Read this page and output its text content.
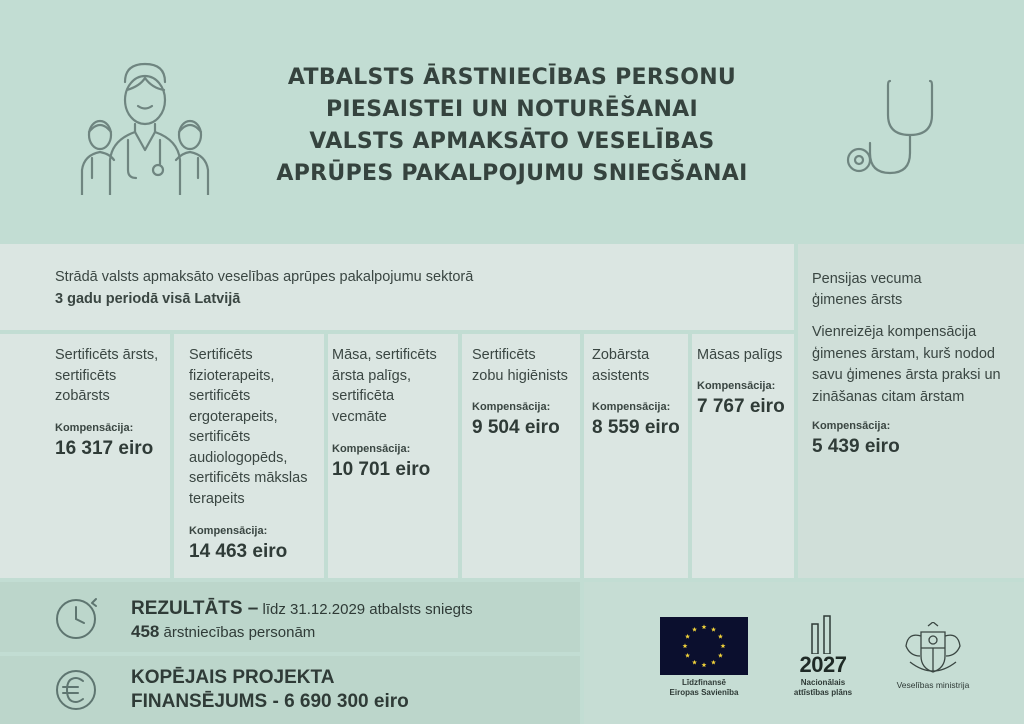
ATBALSTS ĀRSTNIECĪBAS PERSONU
PIESAISTEI UN NOTURĒŠANAI
VALSTS APMAKSĀTO VESELĪBAS
APRŪPES PAKALPOJUMU SNIEGŠANAI
Strādā valsts apmaksāto veselības aprūpes pakalpojumu sektorā
3 gadu periodā visā Latvijā
Sertificēts ārsts,
sertificēts
zobārsts
Kompensācija:
16 317 eiro
Sertificēts
fizioterapeits,
sertificēts
ergoterapeits,
sertificēts
audiologopēds,
sertificēts mākslas
terapeits
Kompensācija:
14 463 eiro
Māsa, sertificēts
ārsta palīgs,
sertificēta
vecmāte
Kompensācija:
10 701 eiro
Sertificēts
zobu higiēnists
Kompensācija:
9 504 eiro
Zobārsta
asistents
Kompensācija:
8 559 eiro
Māsas palīgs
Kompensācija:
7 767 eiro
Pensijas vecuma
ģimenes ārsts
Vienreizēja kompensācija
ģimenes ārstam, kurš nodod
savu ģimenes ārsta praksi un
zināšanas citam ārstam
Kompensācija:
5 439 eiro
REZULTĀTS – līdz 31.12.2029 atbalsts sniegts
458 ārstniecības personām
KOPĒJAIS PROJEKTA
FINANSĒJUMS - 6 690 300 eiro
Līdzfinansē
Eiropas Savienība
2027
Nacionālais
attīstības plāns
Veselības ministrija
